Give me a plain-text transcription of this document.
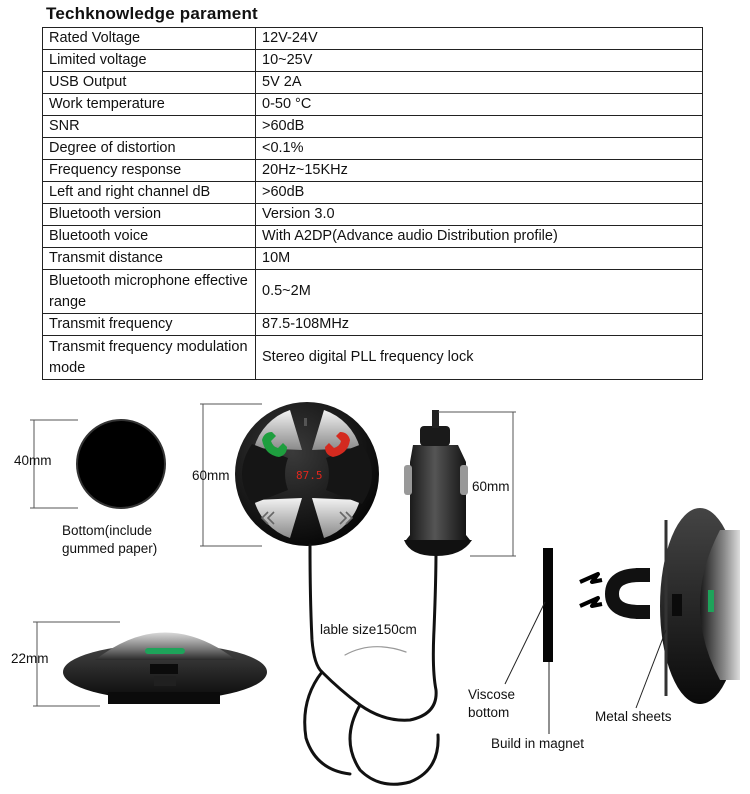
Techknowledge parament
Rated Voltage	12V-24V
Limited voltage	10~25V
USB Output	5V 2A
Work temperature	0-50 °C
SNR	>60dB
Degree of distortion	<0.1%
Frequency response	20Hz~15KHz
Left and right channel dB	>60dB
Bluetooth version	Version 3.0
Bluetooth voice	With A2DP(Advance audio Distribution profile)
Transmit distance	10M

Bluetooth microphone effective range	0.5~2M
Transmit frequency	87.5-108MHz

Transmit frequency modulation mode	Stereo digital PLL frequency lock
40mm
Bottom(include
gummed paper)
60mm	87.5
60mm
22mm
lable size150cm
Viscose
bottom
Build in magnet
Metal sheets
